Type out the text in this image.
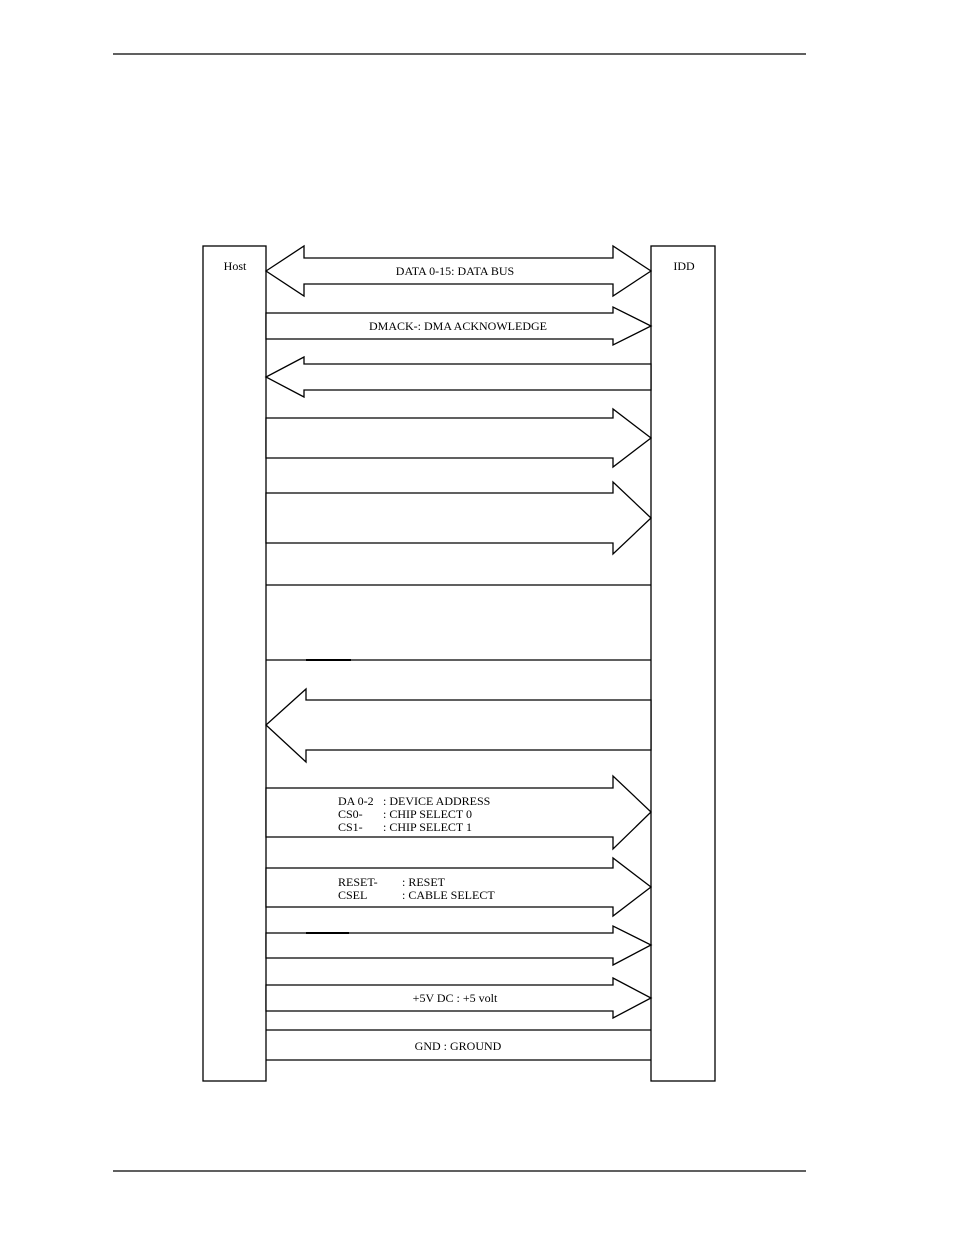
Host	IDD
DATA 0-15: DATA BUS
DMACK-: DMA ACKNOWLEDGE
DA 0-2 : DEVICE ADDRESS
CS0- : CHIP SELECT 0
CS1- : CHIP SELECT 1
RESET- : RESET
CSEL	: CABLE SELECT
+5V DC : +5 volt
GND : GROUND
